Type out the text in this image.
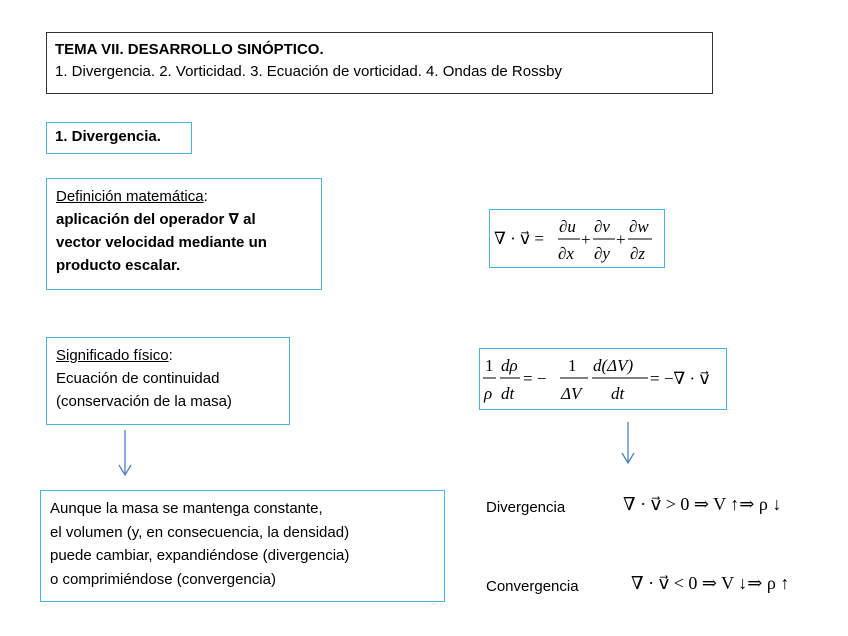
TEMA VII. DESARROLLO SINÓPTICO.
1. Divergencia. 2. Vorticidad. 3. Ecuación de vorticidad. 4. Ondas de Rossby
1. Divergencia.
Definición matemática:
aplicación del operador ∇ al
vector velocidad mediante un
producto escalar.
∇ · v⃗ =
∂u
∂x
+
∂v
∂y
+
∂w
∂z
Significado físico:
Ecuación de continuidad
(conservación de la masa)
1
ρ
dρ
dt
= −
1
ΔV
d(ΔV)
dt
= −∇ · v⃗
Aunque la masa se mantenga constante,
el volumen (y, en consecuencia, la densidad)
puede cambiar, expandiéndose (divergencia)
o comprimiéndose (convergencia)
Divergencia	∇ · v⃗ > 0 ⇒ V ↑⇒ ρ ↓
Convergencia	∇ · v⃗ < 0 ⇒ V ↓⇒ ρ ↑
